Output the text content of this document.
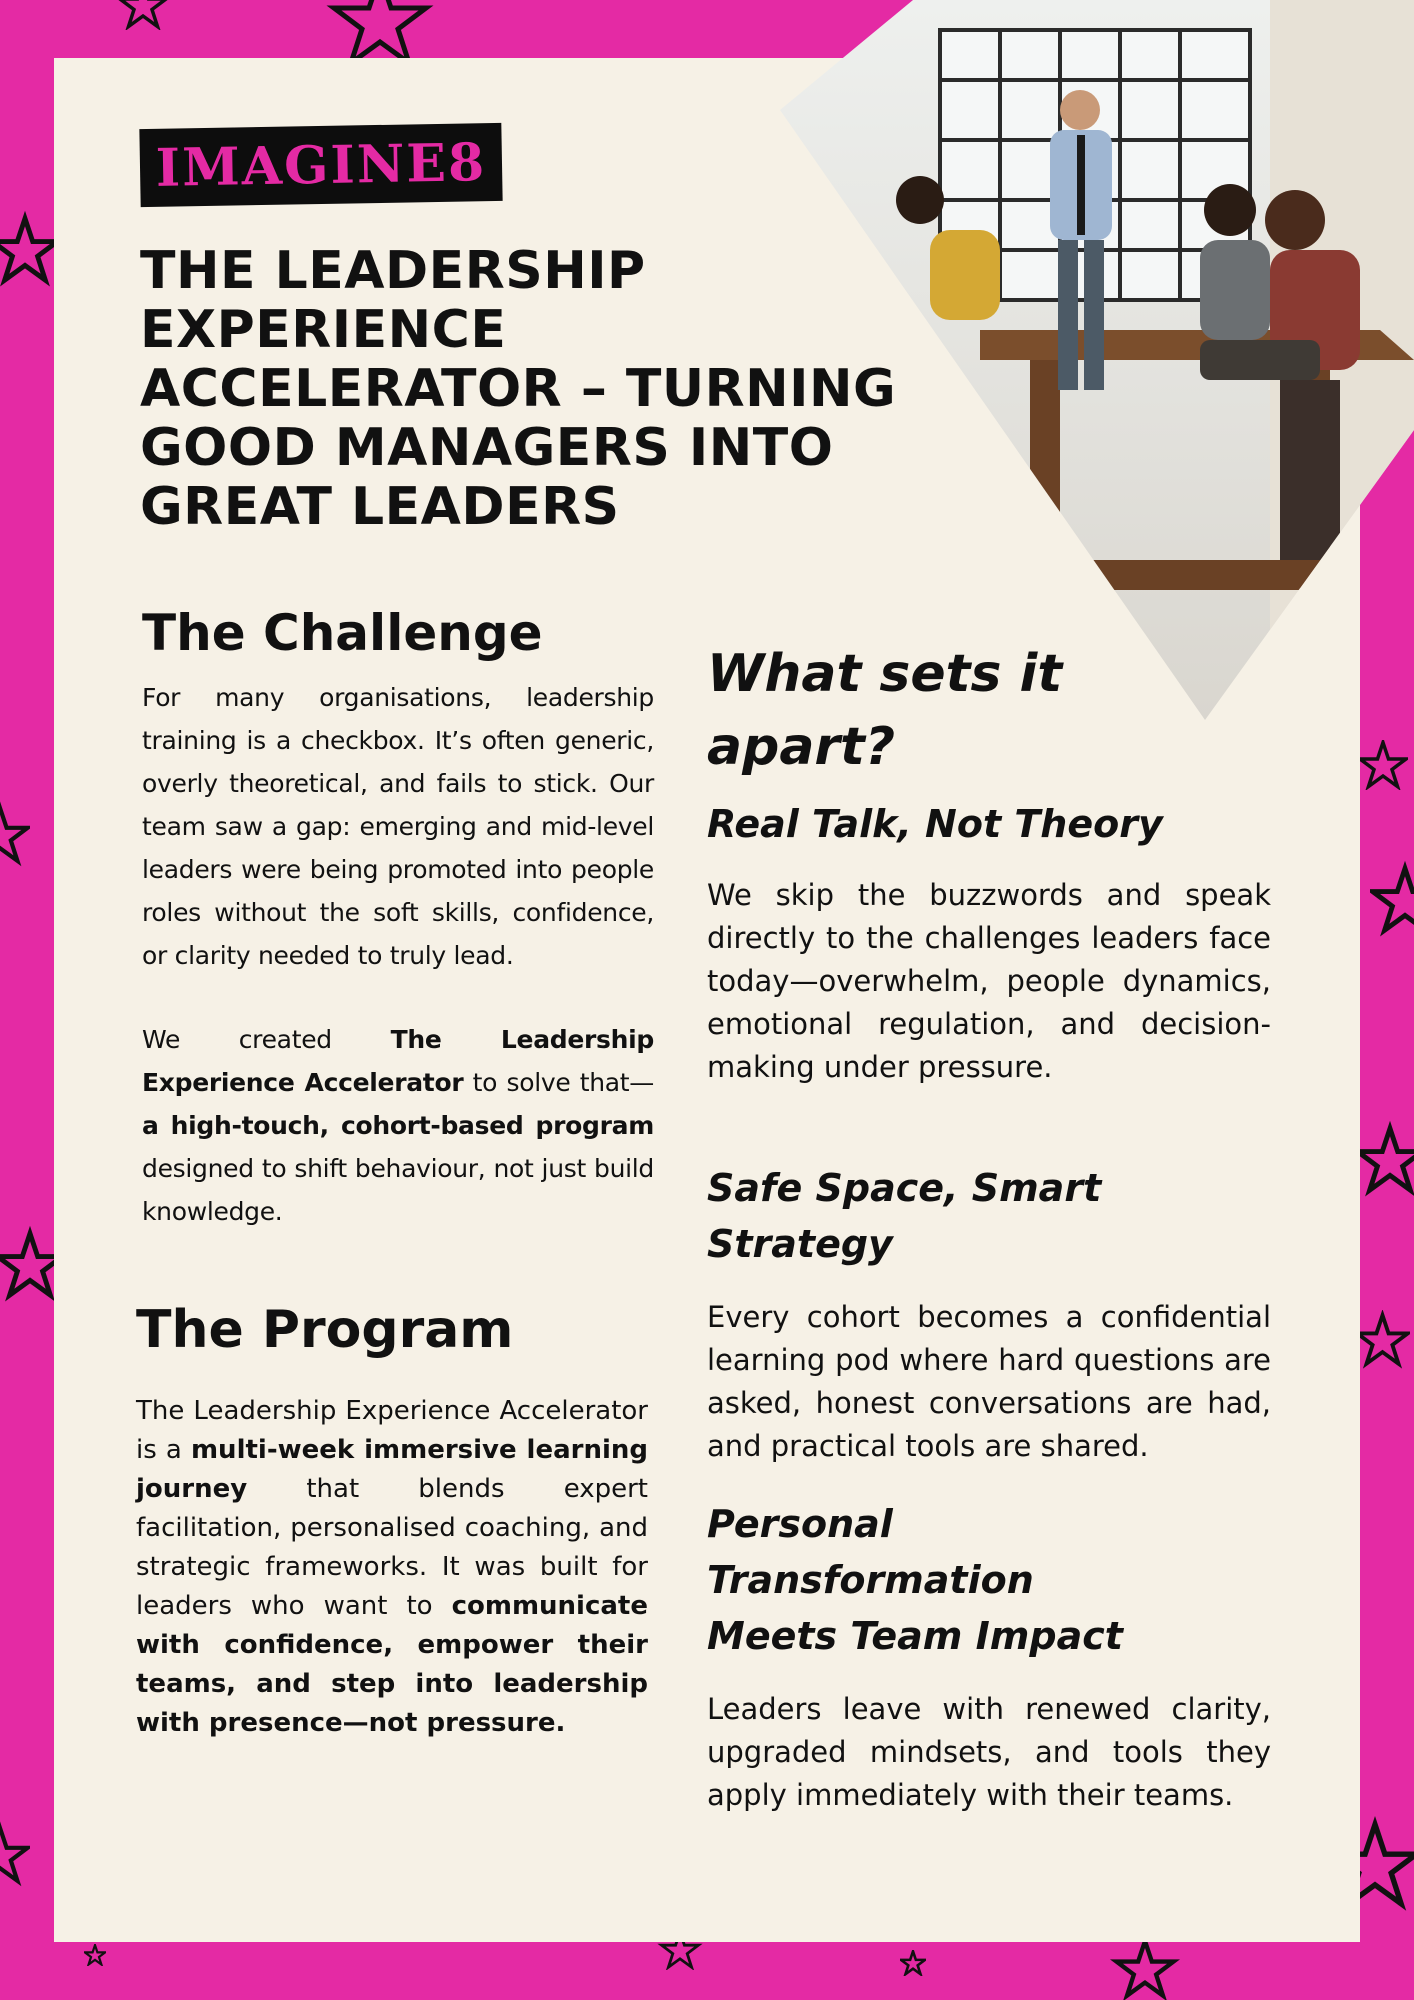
IMAGINE8
THE LEADERSHIP EXPERIENCE ACCELERATOR – TURNING GOOD MANAGERS INTO GREAT LEADERS
The Challenge

For many organisations, leadership training is a checkbox. It’s often generic, overly theoretical, and fails to stick. Our team saw a gap: emerging and mid-level leaders were being promoted into people roles without the soft skills, confidence, or clarity needed to truly lead.

We created The Leadership Experience Accelerator to solve that—a high-touch, cohort-based program designed to shift behaviour, not just build knowledge.

The Program

The Leadership Experience Accelerator is a multi-week immersive learning journey that blends expert facilitation, personalised coaching, and strategic frameworks. It was built for leaders who want to communicate with confidence, empower their teams, and step into leadership with presence—not pressure.

What sets it apart?
Real Talk, Not Theory

We skip the buzzwords and speak directly to the challenges leaders face today—overwhelm, people dynamics, emotional regulation, and decision-making under pressure.

Safe Space, Smart Strategy

Every cohort becomes a confidential learning pod where hard questions are asked, honest conversations are had, and practical tools are shared.

Personal Transformation Meets Team Impact

Leaders leave with renewed clarity, upgraded mindsets, and tools they apply immediately with their teams.
